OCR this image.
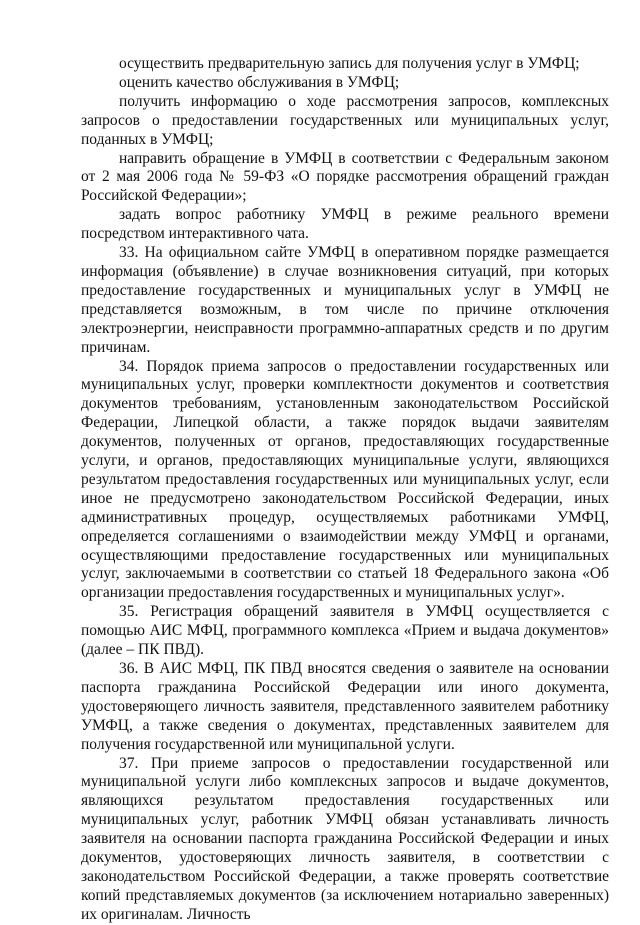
осуществить предварительную запись для получения услуг в УМФЦ;

оценить качество обслуживания в УМФЦ;

получить информацию о ходе рассмотрения запросов, комплексных запросов о предоставлении государственных или муниципальных услуг, поданных в УМФЦ;

направить обращение в УМФЦ в соответствии с Федеральным законом от 2 мая 2006 года № 59-ФЗ «О порядке рассмотрения обращений граждан Российской Федерации»;

задать вопрос работнику УМФЦ в режиме реального времени посредством интерактивного чата.

33. На официальном сайте УМФЦ в оперативном порядке размещается информация (объявление) в случае возникновения ситуаций, при которых предоставление государственных и муниципальных услуг в УМФЦ не представляется возможным, в том числе по причине отключения электроэнергии, неисправности программно-аппаратных средств и по другим причинам.

34. Порядок приема запросов о предоставлении государственных или муниципальных услуг, проверки комплектности документов и соответствия документов требованиям, установленным законодательством Российской Федерации, Липецкой области, а также порядок выдачи заявителям документов, полученных от органов, предоставляющих государственные услуги, и органов, предоставляющих муниципальные услуги, являющихся результатом предоставления государственных или муниципальных услуг, если иное не предусмотрено законодательством Российской Федерации, иных административных процедур, осуществляемых работниками УМФЦ, определяется соглашениями о взаимодействии между УМФЦ и органами, осуществляющими предоставление государственных или муниципальных услуг, заключаемыми в соответствии со статьей 18 Федерального закона «Об организации предоставления государственных и муниципальных услуг».

35. Регистрация обращений заявителя в УМФЦ осуществляется с помощью АИС МФЦ, программного комплекса «Прием и выдача документов» (далее – ПК ПВД).

36. В АИС МФЦ, ПК ПВД вносятся сведения о заявителе на основании паспорта гражданина Российской Федерации или иного документа, удостоверяющего личность заявителя, представленного заявителем работнику УМФЦ, а также сведения о документах, представленных заявителем для получения государственной или муниципальной услуги.

37. При приеме запросов о предоставлении государственной или муниципальной услуги либо комплексных запросов и выдаче документов, являющихся результатом предоставления государственных или муниципальных услуг, работник УМФЦ обязан устанавливать личность заявителя на основании паспорта гражданина Российской Федерации и иных документов, удостоверяющих личность заявителя, в соответствии с законодательством Российской Федерации, а также проверять соответствие копий представляемых документов (за исключением нотариально заверенных) их оригиналам. Личность
